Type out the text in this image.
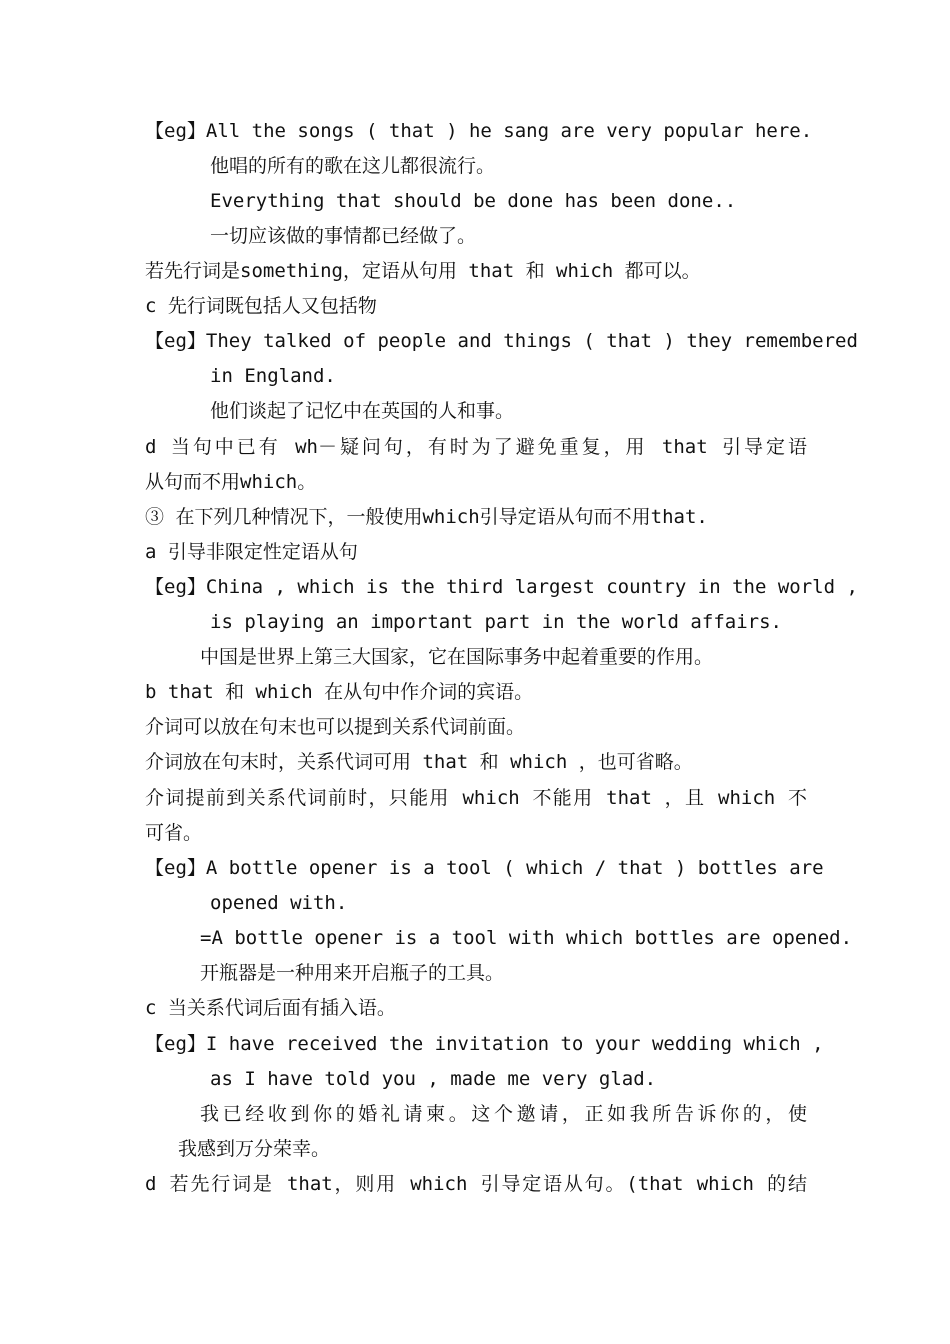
【eg】All the songs ( that ) he sang are very popular here.
他唱的所有的歌在这儿都很流行。
Everything that should be done has been done..
一切应该做的事情都已经做了。
若先行词是something，定语从句用 that 和 which 都可以。
c 先行词既包括人又包括物
【eg】They talked of people and things ( that ) they remembered
in England.
他们谈起了记忆中在英国的人和事。
d 当句中已有 wh－疑问句，有时为了避免重复，用 that 引导定语
从句而不用which。
③ 在下列几种情况下，一般使用which引导定语从句而不用that.
a 引导非限定性定语从句
【eg】China , which is the third largest country in the world ,
is playing an important part in the world affairs.
中国是世界上第三大国家，它在国际事务中起着重要的作用。
b that 和 which 在从句中作介词的宾语。
介词可以放在句末也可以提到关系代词前面。
介词放在句末时，关系代词可用 that 和 which ，也可省略。
介词提前到关系代词前时，只能用 which 不能用 that ，且 which 不
可省。
【eg】A bottle opener is a tool ( which / that ) bottles are
opened with.
=A bottle opener is a tool with which bottles are opened.
开瓶器是一种用来开启瓶子的工具。
c 当关系代词后面有插入语。
【eg】I have received the invitation to your wedding which ,
as I have told you , made me very glad.
我已经收到你的婚礼请柬。这个邀请，正如我所告诉你的，使
我感到万分荣幸。
d 若先行词是 that，则用 which 引导定语从句。(that which 的结
